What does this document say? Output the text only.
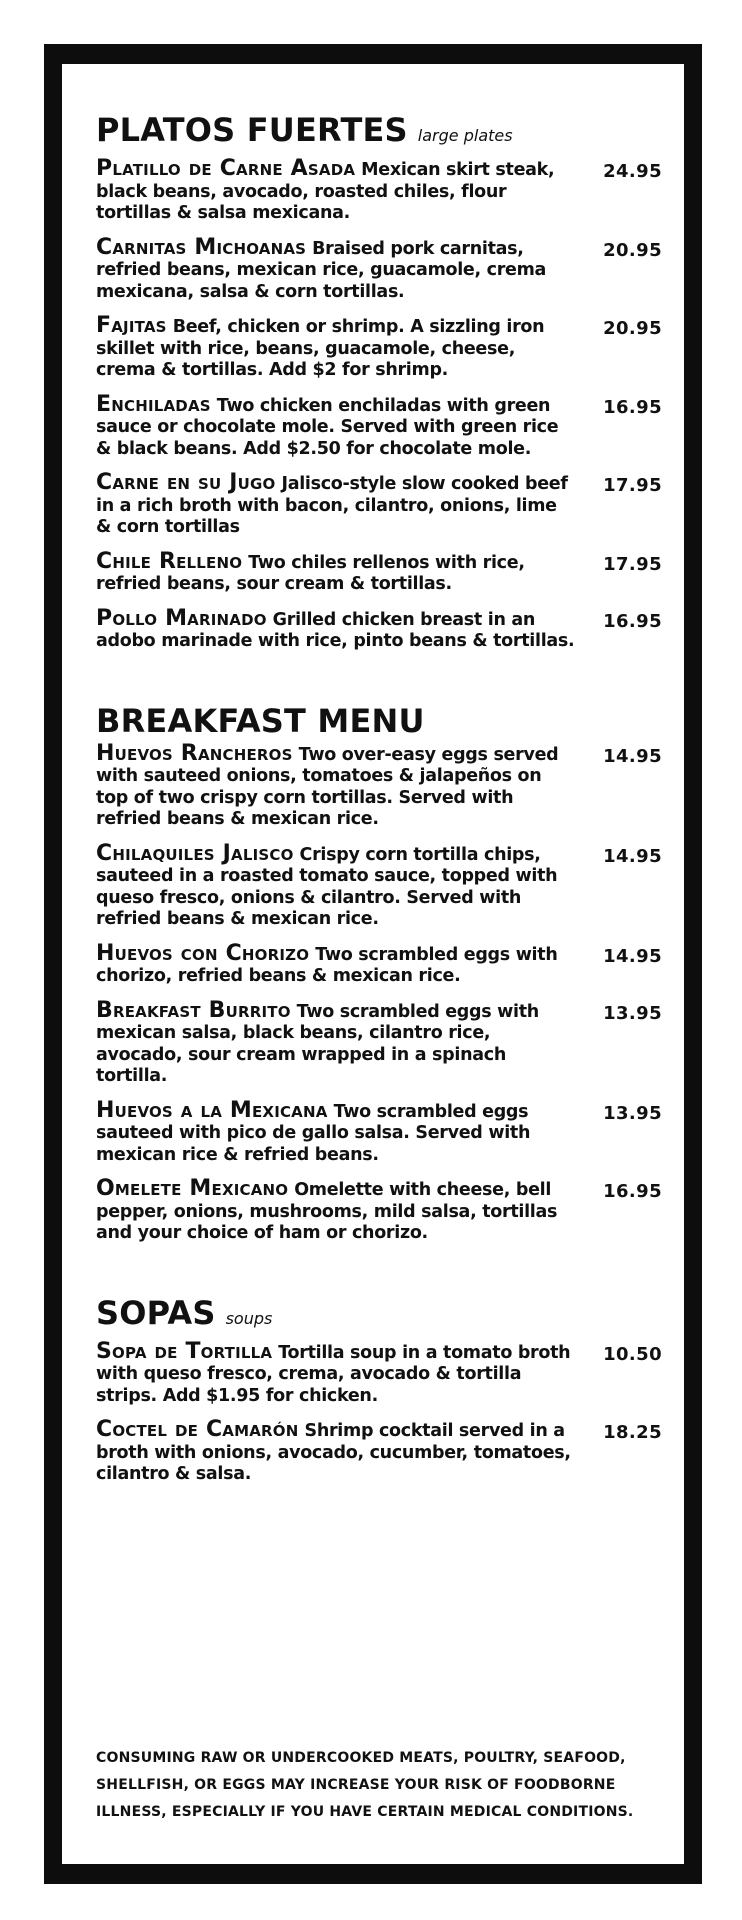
PLATOS FUERTES large plates
Platillo de Carne Asada Mexican skirt steak, black beans, avocado, roasted chiles, flour tortillas & salsa mexicana.
24.95
Carnitas Michoanas Braised pork carnitas, refried beans, mexican rice, guacamole, crema mexicana, salsa & corn tortillas.
20.95
Fajitas Beef, chicken or shrimp. A sizzling iron skillet with rice, beans, guacamole, cheese, crema & tortillas. Add $2 for shrimp.
20.95
Enchiladas Two chicken enchiladas with green sauce or chocolate mole. Served with green rice & black beans. Add $2.50 for chocolate mole.
16.95
Carne en su Jugo Jalisco-style slow cooked beef in a rich broth with bacon, cilantro, onions, lime & corn tortillas
17.95
Chile Relleno Two chiles rellenos with rice, refried beans, sour cream & tortillas.
17.95
Pollo Marinado Grilled chicken breast in an adobo marinade with rice, pinto beans & tortillas.
16.95
BREAKFAST MENU
Huevos Rancheros Two over-easy eggs served with sauteed onions, tomatoes & jalapeños on top of two crispy corn tortillas. Served with refried beans & mexican rice.
14.95
Chilaquiles Jalisco Crispy corn tortilla chips, sauteed in a roasted tomato sauce, topped with queso fresco, onions & cilantro. Served with refried beans & mexican rice.
14.95
Huevos con Chorizo Two scrambled eggs with chorizo, refried beans & mexican rice.
14.95
Breakfast Burrito Two scrambled eggs with mexican salsa, black beans, cilantro rice, avocado, sour cream wrapped in a spinach tortilla.
13.95
Huevos a la Mexicana Two scrambled eggs sauteed with pico de gallo salsa. Served with mexican rice & refried beans.
13.95
Omelete Mexicano Omelette with cheese, bell pepper, onions, mushrooms, mild salsa, tortillas and your choice of ham or chorizo.
16.95
SOPAS soups
Sopa de Tortilla Tortilla soup in a tomato broth with queso fresco, crema, avocado & tortilla strips. Add $1.95 for chicken.
10.50
Coctel de Camarón Shrimp cocktail served in a broth with onions, avocado, cucumber, tomatoes, cilantro & salsa.
18.25
CONSUMING RAW OR UNDERCOOKED MEATS, POULTRY, SEAFOOD, SHELLFISH, OR EGGS MAY INCREASE YOUR RISK OF FOODBORNE ILLNESS, ESPECIALLY IF YOU HAVE CERTAIN MEDICAL CONDITIONS.
